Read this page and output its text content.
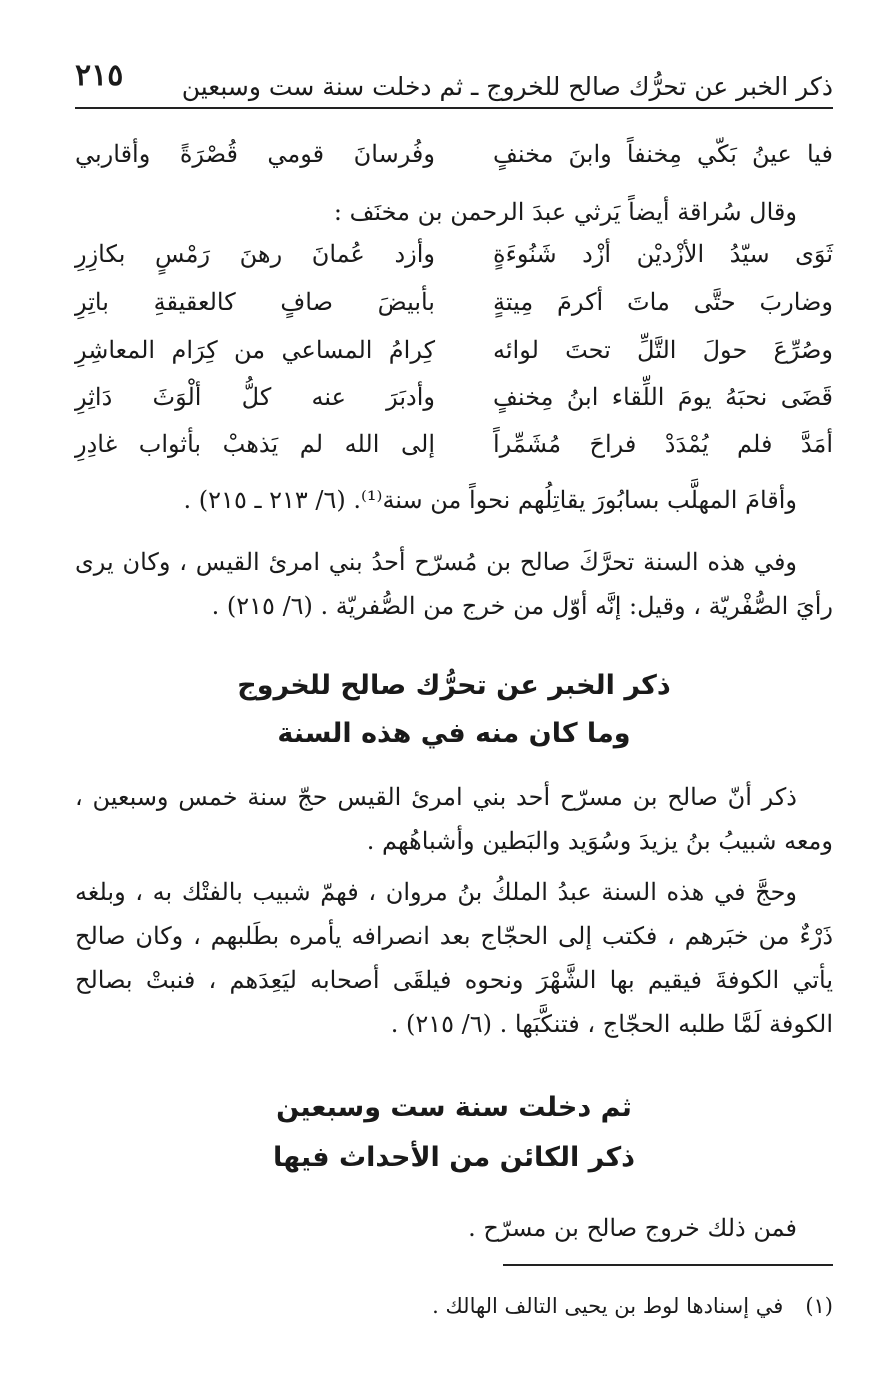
ذكر الخبر عن تحرُّك صالح للخروج ـ ثم دخلت سنة ست وسبعين
٢١٥
فيا عينُ بَكّي مِخنفاً وابنَ مخنفٍ
وفُرسانَ قومي قُصْرَةً وأقاربي
وقال سُراقة أيضاً يَرثي عبدَ الرحمن بن مخنَف :
ثَوَى سيّدُ الأزْديْن أزْد شَنُوءَةٍ
وأزد عُمانَ رهنَ رَمْسٍ بكازِرِ
وضاربَ حتَّى ماتَ أكرمَ مِيتةٍ
بأبيضَ صافٍ كالعقيقةِ باتِرِ
وصُرِّعَ حولَ التَّلِّ تحتَ لوائه
كِرامُ المساعي من كِرَام المعاشِرِ
قَضَى نحبَهُ يومَ اللِّقاء ابنُ مِخنفٍ
وأدبَرَ عنه كلُّ ألْوَثَ دَاثِرِ
أمَدَّ فلم يُمْدَدْ فراحَ مُشَمِّراً
إلى الله لم يَذهبْ بأثواب غادِرِ
وأقامَ المهلَّب بسابُورَ يقاتِلُهم نحواً من سنة⁽¹⁾. (٦/ ٢١٣ ـ ٢١٥) .
وفي هذه السنة تحرَّكَ صالح بن مُسرّح أحدُ بني امرئ القيس ، وكان يرى رأيَ الصُّفْريّة ، وقيل: إنَّه أوّل من خرج من الصُّفريّة . (٦/ ٢١٥) .
ذكر الخبر عن تحرُّك صالح للخروج
وما كان منه في هذه السنة
ذكر أنّ صالح بن مسرّح أحد بني امرئ القيس حجّ سنة خمس وسبعين ، ومعه شبيبُ بنُ يزيدَ وسُوَيد والبَطين وأشباهُهم .
وحجَّ في هذه السنة عبدُ الملكُ بنُ مروان ، فهمّ شبيب بالفتْك به ، وبلغه ذَرْءٌ من خبَرهم ، فكتب إلى الحجّاج بعد انصرافه يأمره بطَلبهم ، وكان صالح يأتي الكوفةَ فيقيم بها الشَّهْرَ ونحوه فيلقَى أصحابه ليَعِدَهم ، فنبتْ بصالح الكوفة لَمَّا طلبه الحجّاج ، فتنكَّبَها . (٦/ ٢١٥) .
ثم دخلت سنة ست وسبعين
ذكر الكائن من الأحداث فيها
فمن ذلك خروج صالح بن مسرّح .
(١)في إسنادها لوط بن يحيى التالف الهالك .
